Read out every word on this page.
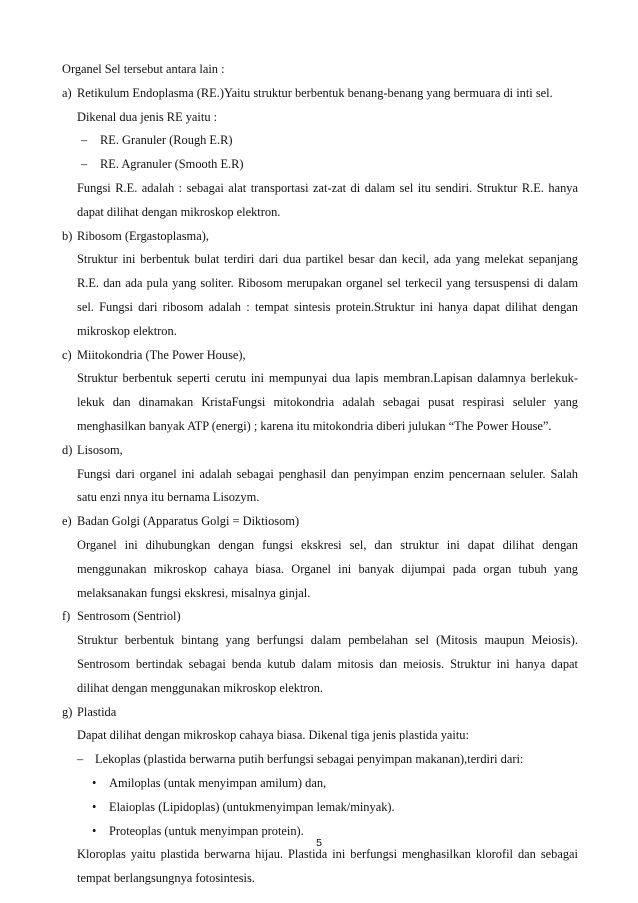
Organel Sel tersebut antara lain :

a) Retikulum Endoplasma (RE.)Yaitu struktur berbentuk benang-benang yang bermuara di inti sel.

Dikenal dua jenis RE yaitu :

– RE. Granuler (Rough E.R)
– RE. Agranuler (Smooth E.R)

Fungsi R.E. adalah : sebagai alat transportasi zat-zat di dalam sel itu sendiri. Struktur R.E. hanya dapat dilihat dengan mikroskop elektron.

b) Ribosom (Ergastoplasma),

Struktur ini berbentuk bulat terdiri dari dua partikel besar dan kecil, ada yang melekat sepanjang R.E. dan ada pula yang soliter. Ribosom merupakan organel sel terkecil yang tersuspensi di dalam sel. Fungsi dari ribosom adalah : tempat sintesis protein.Struktur ini hanya dapat dilihat dengan mikroskop elektron.

c) Miitokondria (The Power House),

Struktur berbentuk seperti cerutu ini mempunyai dua lapis membran.Lapisan dalamnya berlekuk-lekuk dan dinamakan KristaFungsi mitokondria adalah sebagai pusat respirasi seluler yang menghasilkan banyak ATP (energi) ; karena itu mitokondria diberi julukan “The Power House”.

d) Lisosom,

Fungsi dari organel ini adalah sebagai penghasil dan penyimpan enzim pencernaan seluler. Salah satu enzi nnya itu bernama Lisozym.

e) Badan Golgi (Apparatus Golgi = Diktiosom)

Organel ini dihubungkan dengan fungsi ekskresi sel, dan struktur ini dapat dilihat dengan menggunakan mikroskop cahaya biasa. Organel ini banyak dijumpai pada organ tubuh yang melaksanakan fungsi ekskresi, misalnya ginjal.

f) Sentrosom (Sentriol)

Struktur berbentuk bintang yang berfungsi dalam pembelahan sel (Mitosis maupun Meiosis). Sentrosom bertindak sebagai benda kutub dalam mitosis dan meiosis. Struktur ini hanya dapat dilihat dengan menggunakan mikroskop elektron.

g) Plastida

Dapat dilihat dengan mikroskop cahaya biasa. Dikenal tiga jenis plastida yaitu:

– Lekoplas (plastida berwarna putih berfungsi sebagai penyimpan makanan),terdiri dari:
• Amiloplas (untak menyimpan amilum) dan,
• Elaioplas (Lipidoplas) (untukmenyimpan lemak/minyak).
• Proteoplas (untuk menyimpan protein).

Kloroplas yaitu plastida berwarna hijau. Plastida ini berfungsi menghasilkan klorofil dan sebagai tempat berlangsungnya fotosintesis.

5
